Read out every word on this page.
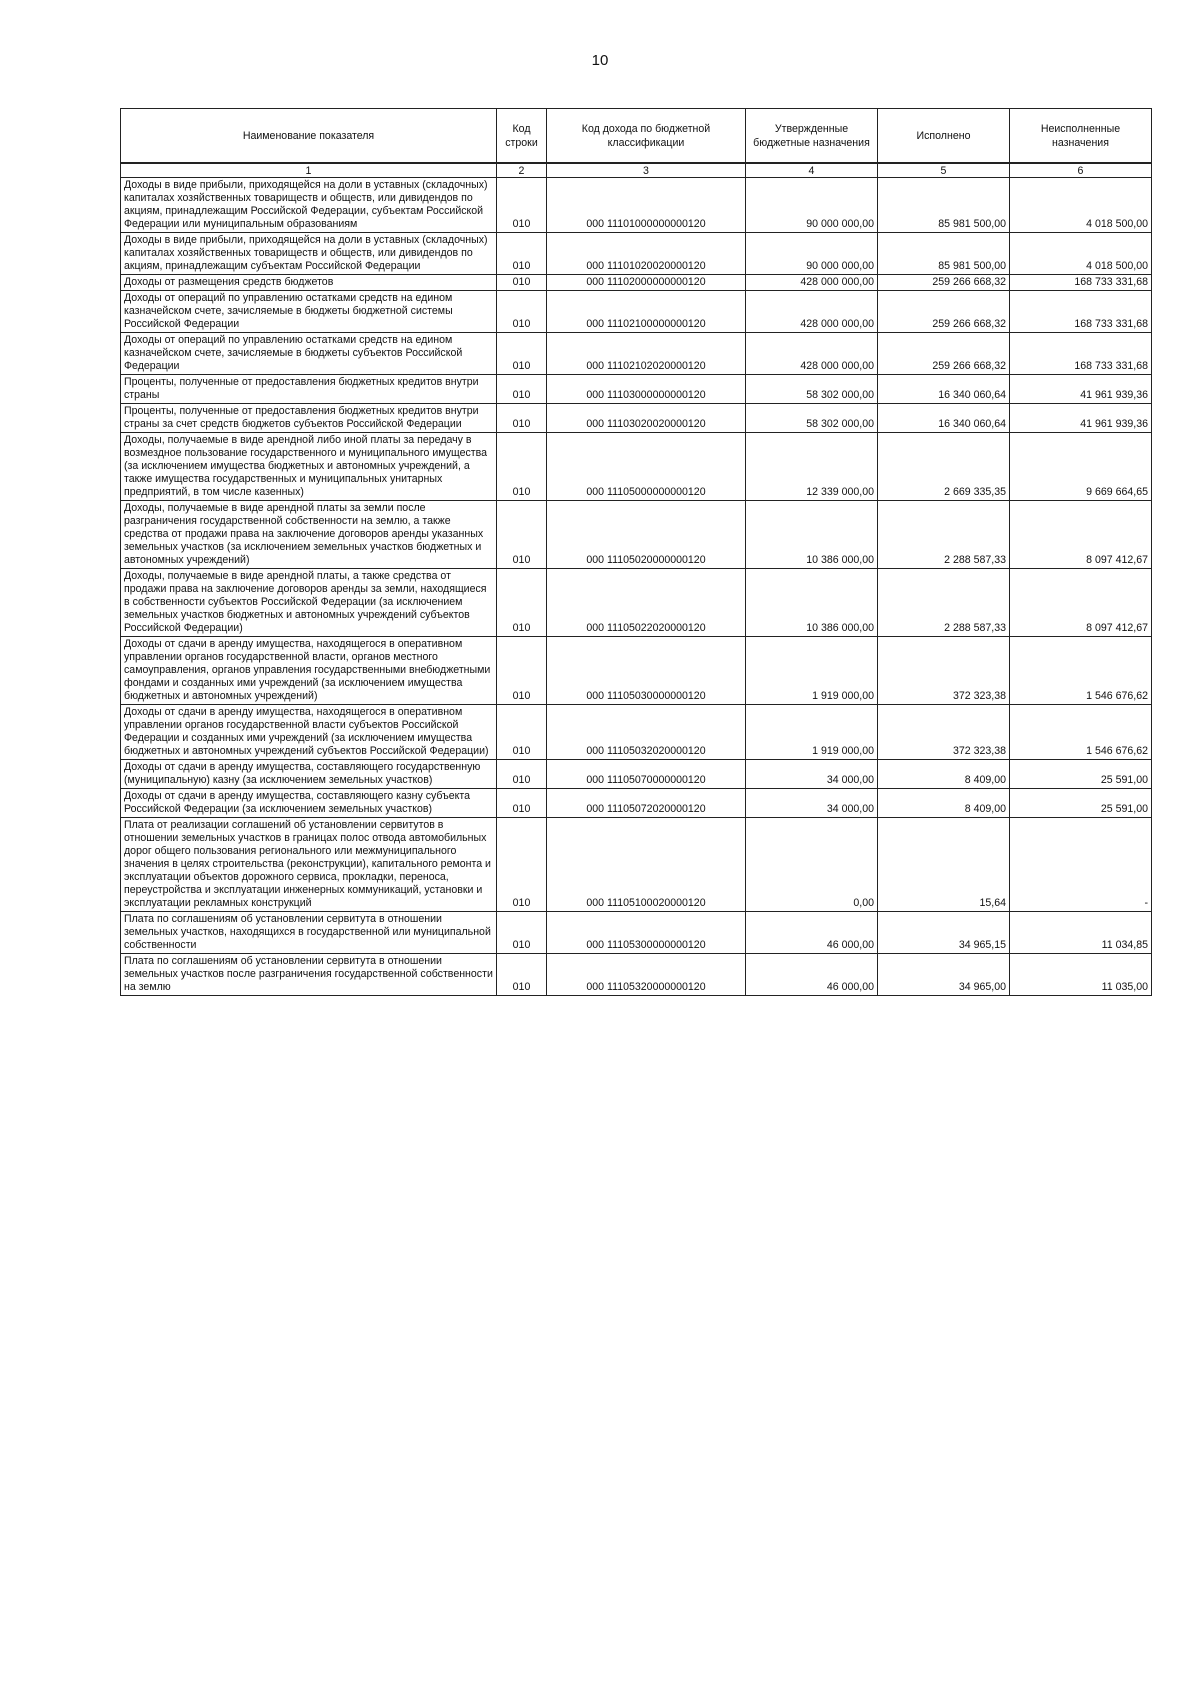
10
Наименование показателя	Код строки	Код дохода по бюджетной классификации	Утвержденные бюджетные назначения	Исполнено	Неисполненные назначения
1	2	3	4	5	6
Доходы в виде прибыли, приходящейся на доли в уставных (складочных) капиталах хозяйственных товариществ и обществ, или дивидендов по акциям, принадлежащим Российской Федерации, субъектам Российской Федерации или муниципальным образованиям	010	000 11101000000000120	90 000 000,00	85 981 500,00	4 018 500,00
Доходы в виде прибыли, приходящейся на доли в уставных (складочных) капиталах хозяйственных товариществ и обществ, или дивидендов по акциям, принадлежащим субъектам Российской Федерации	010	000 11101020020000120	90 000 000,00	85 981 500,00	4 018 500,00
Доходы от размещения средств бюджетов	010	000 11102000000000120	428 000 000,00	259 266 668,32	168 733 331,68
Доходы от операций по управлению остатками средств на едином казначейском счете, зачисляемые в бюджеты бюджетной системы Российской Федерации	010	000 11102100000000120	428 000 000,00	259 266 668,32	168 733 331,68
Доходы от операций по управлению остатками средств на едином казначейском счете, зачисляемые в бюджеты субъектов Российской Федерации	010	000 11102102020000120	428 000 000,00	259 266 668,32	168 733 331,68
Проценты, полученные от предоставления бюджетных кредитов внутри страны	010	000 11103000000000120	58 302 000,00	16 340 060,64	41 961 939,36
Проценты, полученные от предоставления бюджетных кредитов внутри страны за счет средств бюджетов субъектов Российской Федерации	010	000 11103020020000120	58 302 000,00	16 340 060,64	41 961 939,36
Доходы, получаемые в виде арендной либо иной платы за передачу в возмездное пользование государственного и муниципального имущества (за исключением имущества бюджетных и автономных учреждений, а также имущества государственных и муниципальных унитарных предприятий, в том числе казенных)	010	000 11105000000000120	12 339 000,00	2 669 335,35	9 669 664,65
Доходы, получаемые в виде арендной платы за земли после разграничения государственной собственности на землю, а также средства от продажи права на заключение договоров аренды указанных земельных участков (за исключением земельных участков бюджетных и автономных учреждений)	010	000 11105020000000120	10 386 000,00	2 288 587,33	8 097 412,67
Доходы, получаемые в виде арендной платы, а также средства от продажи права на заключение договоров аренды за земли, находящиеся в собственности субъектов Российской Федерации (за исключением земельных участков бюджетных и автономных учреждений субъектов Российской Федерации)	010	000 11105022020000120	10 386 000,00	2 288 587,33	8 097 412,67
Доходы от сдачи в аренду имущества, находящегося в оперативном управлении органов государственной власти, органов местного самоуправления, органов управления государственными внебюджетными фондами и созданных ими учреждений (за исключением имущества бюджетных и автономных учреждений)	010	000 11105030000000120	1 919 000,00	372 323,38	1 546 676,62
Доходы от сдачи в аренду имущества, находящегося в оперативном управлении органов государственной власти субъектов Российской Федерации и созданных ими учреждений (за исключением имущества бюджетных и автономных учреждений субъектов Российской Федерации)	010	000 11105032020000120	1 919 000,00	372 323,38	1 546 676,62
Доходы от сдачи в аренду имущества, составляющего государственную (муниципальную) казну (за исключением земельных участков)	010	000 11105070000000120	34 000,00	8 409,00	25 591,00
Доходы от сдачи в аренду имущества, составляющего казну субъекта Российской Федерации (за исключением земельных участков)	010	000 11105072020000120	34 000,00	8 409,00	25 591,00
Плата от реализации соглашений об установлении сервитутов в отношении земельных участков в границах полос отвода автомобильных дорог общего пользования регионального или межмуниципального значения в целях строительства (реконструкции), капитального ремонта и эксплуатации объектов дорожного сервиса, прокладки, переноса, переустройства и эксплуатации инженерных коммуникаций, установки и эксплуатации рекламных конструкций	010	000 11105100020000120	0,00	15,64	-
Плата по соглашениям об установлении сервитута в отношении земельных участков, находящихся в государственной или муниципальной собственности	010	000 11105300000000120	46 000,00	34 965,15	11 034,85
Плата по соглашениям об установлении сервитута в отношении земельных участков после разграничения государственной собственности на землю	010	000 11105320000000120	46 000,00	34 965,00	11 035,00
